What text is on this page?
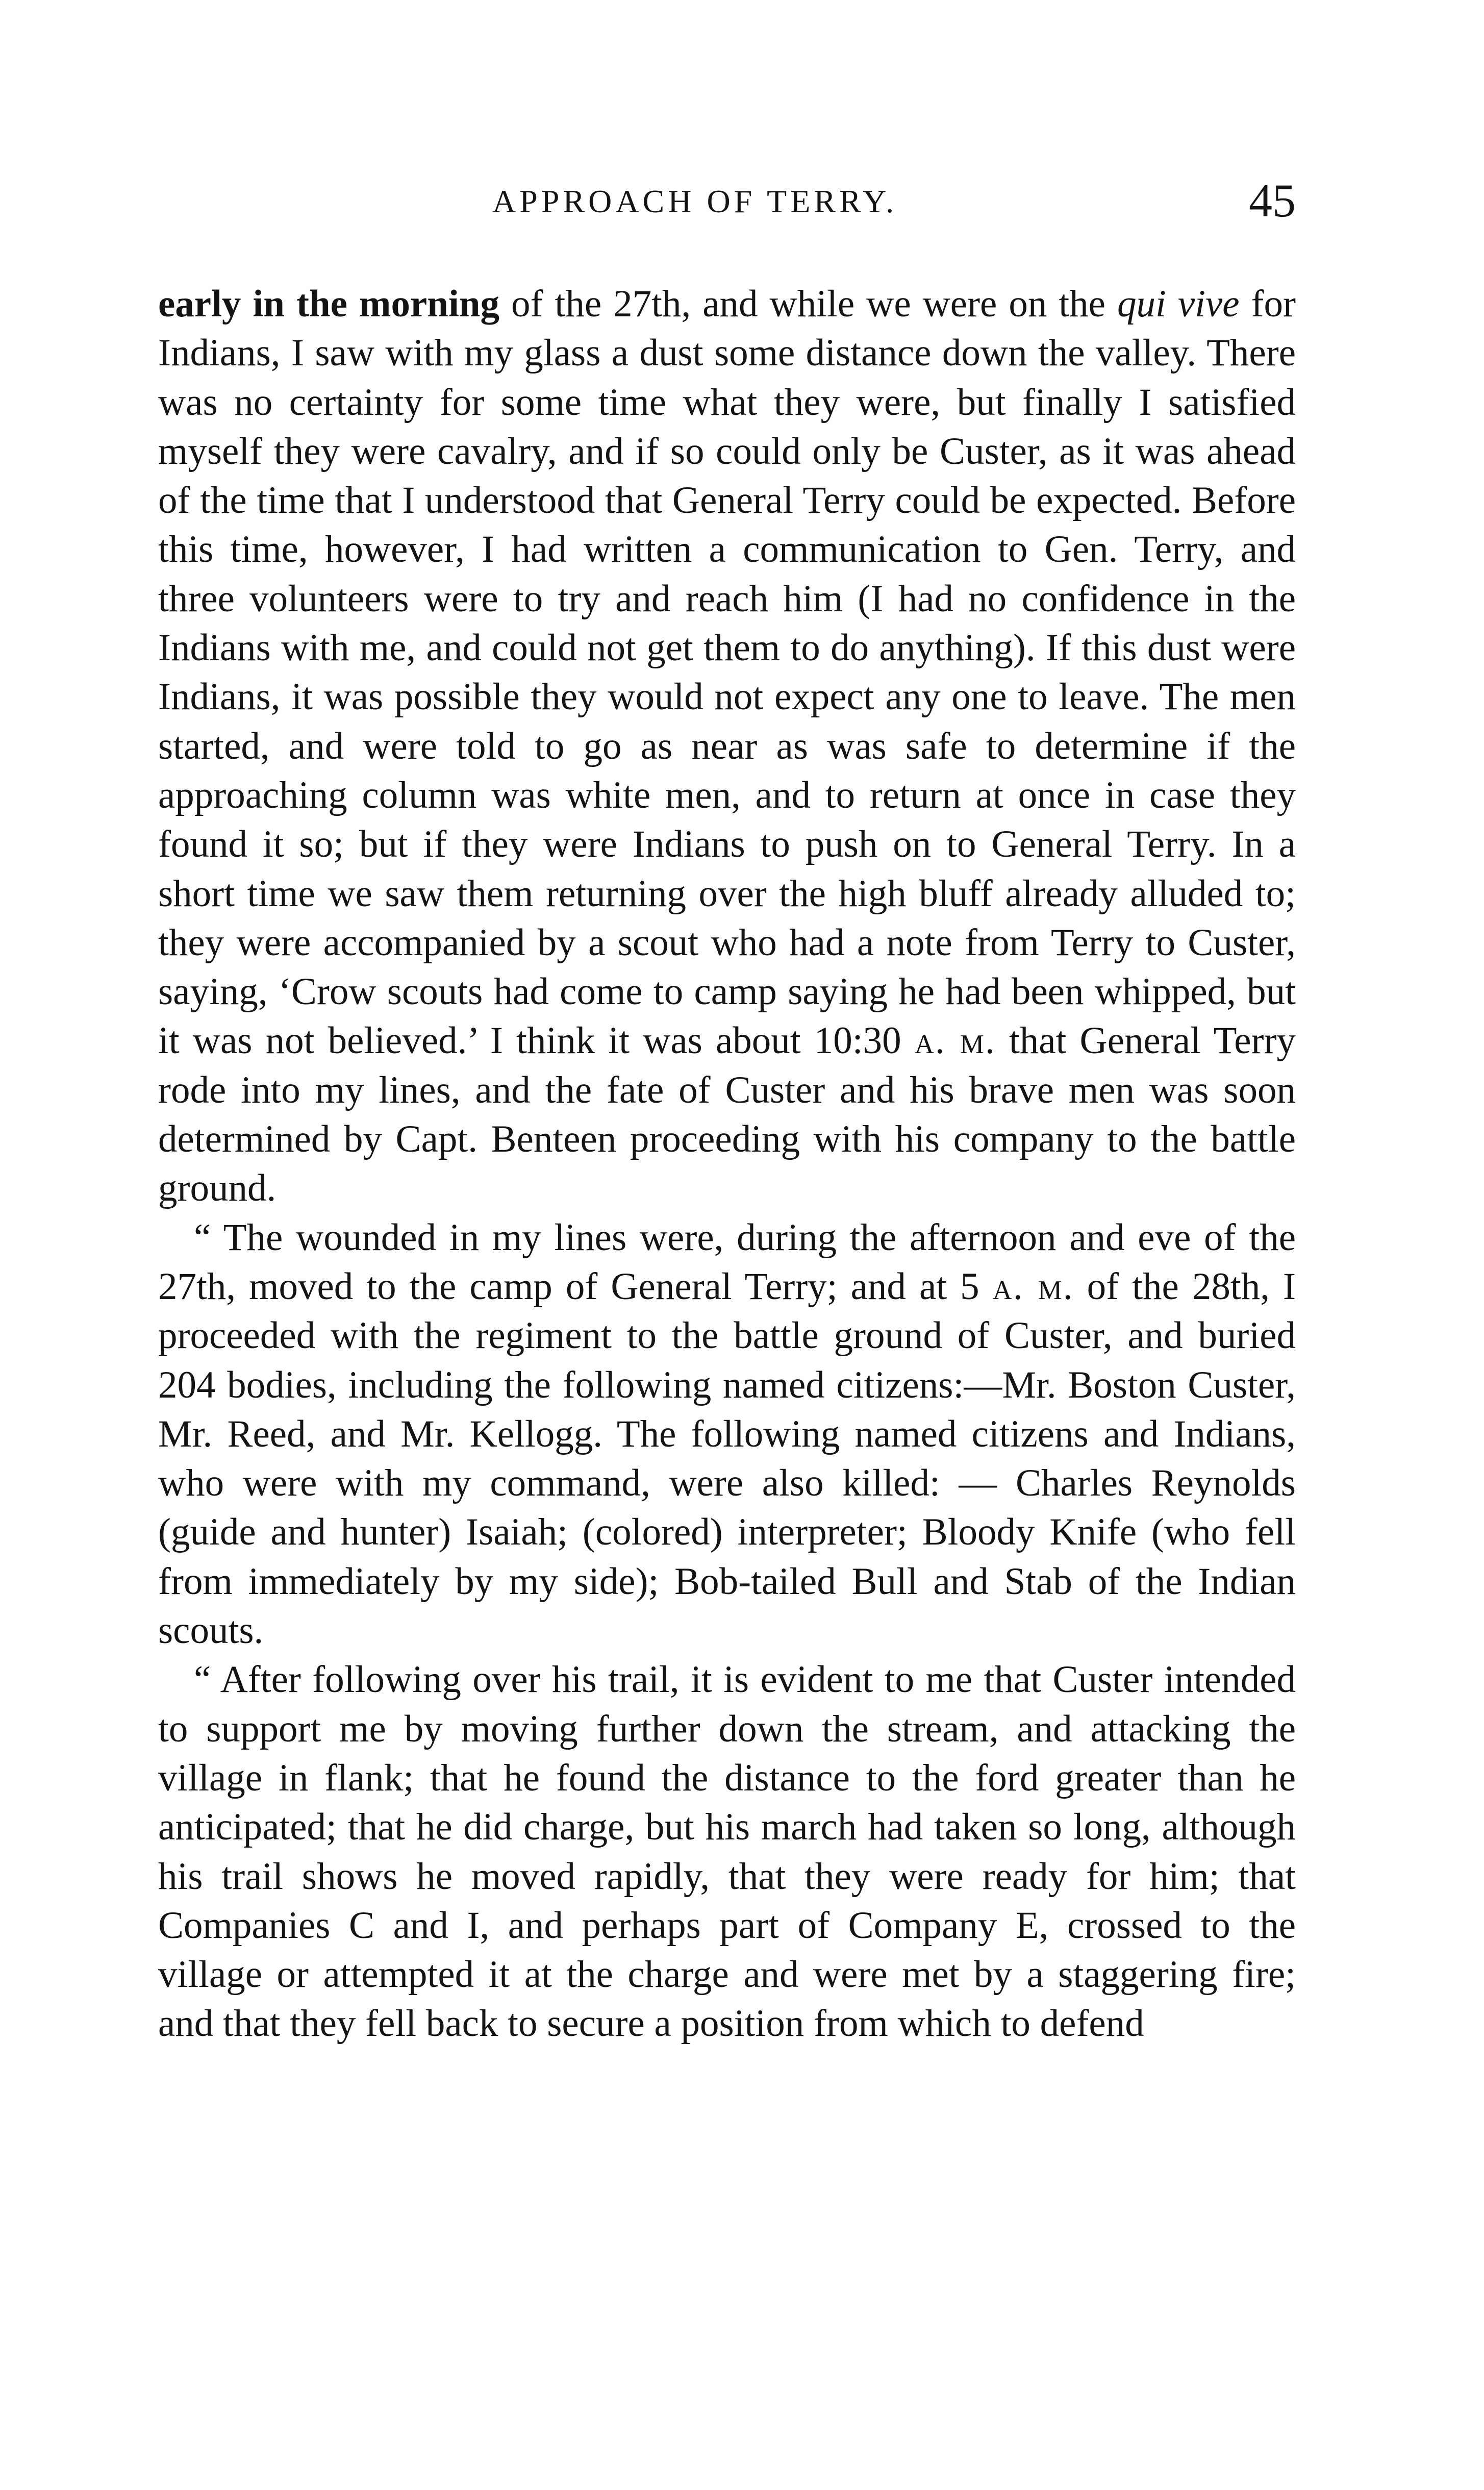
APPROACH OF TERRY.	45

early in the morning of the 27th, and while we were on the qui vive for Indians, I saw with my glass a dust some distance down the valley. There was no certainty for some time what they were, but finally I satisfied myself they were cavalry, and if so could only be Custer, as it was ahead of the time that I understood that General Terry could be expected. Before this time, however, I had written a communication to Gen. Terry, and three volunteers were to try and reach him (I had no confidence in the Indians with me, and could not get them to do anything). If this dust were Indians, it was possible they would not expect any one to leave. The men started, and were told to go as near as was safe to determine if the approaching column was white men, and to return at once in case they found it so; but if they were Indians to push on to General Terry. In a short time we saw them returning over the high bluff already alluded to; they were accompanied by a scout who had a note from Terry to Custer, saying, ‘Crow scouts had come to camp saying he had been whipped, but it was not believed.’ I think it was about 10:30 a. m. that General Terry rode into my lines, and the fate of Custer and his brave men was soon determined by Capt. Benteen proceeding with his company to the battle ground.

“ The wounded in my lines were, during the afternoon and eve of the 27th, moved to the camp of General Terry; and at 5 a. m. of the 28th, I proceeded with the regiment to the battle ground of Custer, and buried 204 bodies, including the following named citizens:—Mr. Boston Custer, Mr. Reed, and Mr. Kellogg. The following named citizens and Indians, who were with my command, were also killed: — Charles Reynolds (guide and hunter) Isaiah; (colored) interpreter; Bloody Knife (who fell from immediately by my side); Bob-tailed Bull and Stab of the Indian scouts.

“ After following over his trail, it is evident to me that Custer intended to support me by moving further down the stream, and attacking the village in flank; that he found the distance to the ford greater than he anticipated; that he did charge, but his march had taken so long, although his trail shows he moved rapidly, that they were ready for him; that Companies C and I, and perhaps part of Company E, crossed to the village or attempted it at the charge and were met by a staggering fire; and that they fell back to secure a position from which to defend
